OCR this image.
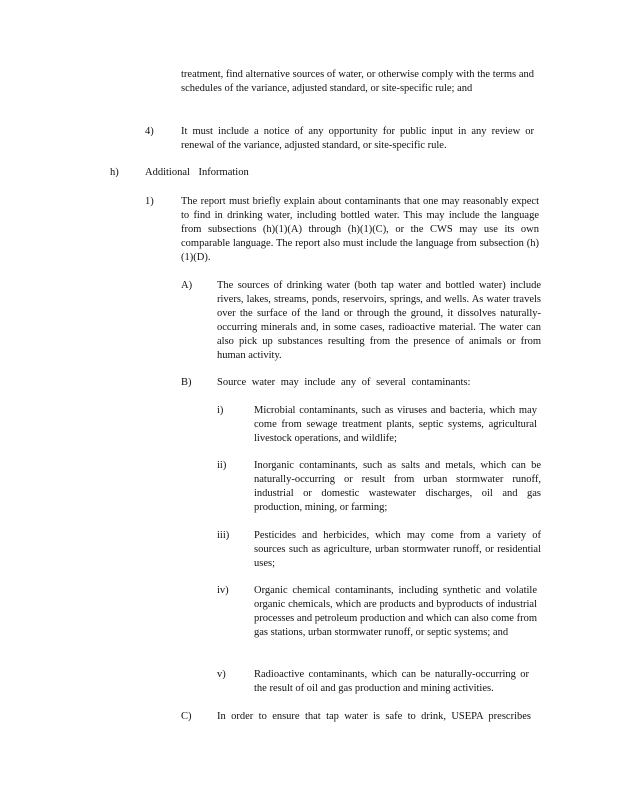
treatment, find alternative sources of water, or otherwise comply with the terms and schedules of the variance, adjusted standard, or site-specific rule; and
4)	It must include a notice of any opportunity for public input in any review or renewal of the variance, adjusted standard, or site-specific rule.
h)	Additional Information
1)	The report must briefly explain about contaminants that one may reasonably expect to find in drinking water, including bottled water. This may include the language from subsections (h)(1)(A) through (h)(1)(C), or the CWS may use its own comparable language. The report also must include the language from subsection (h)(1)(D).
A) The sources of drinking water (both tap water and bottled water) include rivers, lakes, streams, ponds, reservoirs, springs, and wells. As water travels over the surface of the land or through the ground, it dissolves naturally-occurring minerals and, in some cases, radioactive material. The water can also pick up substances resulting from the presence of animals or from human activity.
B) Source water may include any of several contaminants:
i)	Microbial contaminants, such as viruses and bacteria, which may come from sewage treatment plants, septic systems, agricultural livestock operations, and wildlife;
ii)	Inorganic contaminants, such as salts and metals, which can be naturally-occurring or result from urban stormwater runoff, industrial or domestic wastewater discharges, oil and gas production, mining, or farming;
iii) Pesticides and herbicides, which may come from a variety of sources such as agriculture, urban stormwater runoff, or residential uses;
iv) Organic chemical contaminants, including synthetic and volatile organic chemicals, which are products and byproducts of industrial processes and petroleum production and which can also come from gas stations, urban stormwater runoff, or septic systems; and
v)	Radioactive contaminants, which can be naturally-occurring or the result of oil and gas production and mining activities.
C) In order to ensure that tap water is safe to drink, USEPA prescribes
